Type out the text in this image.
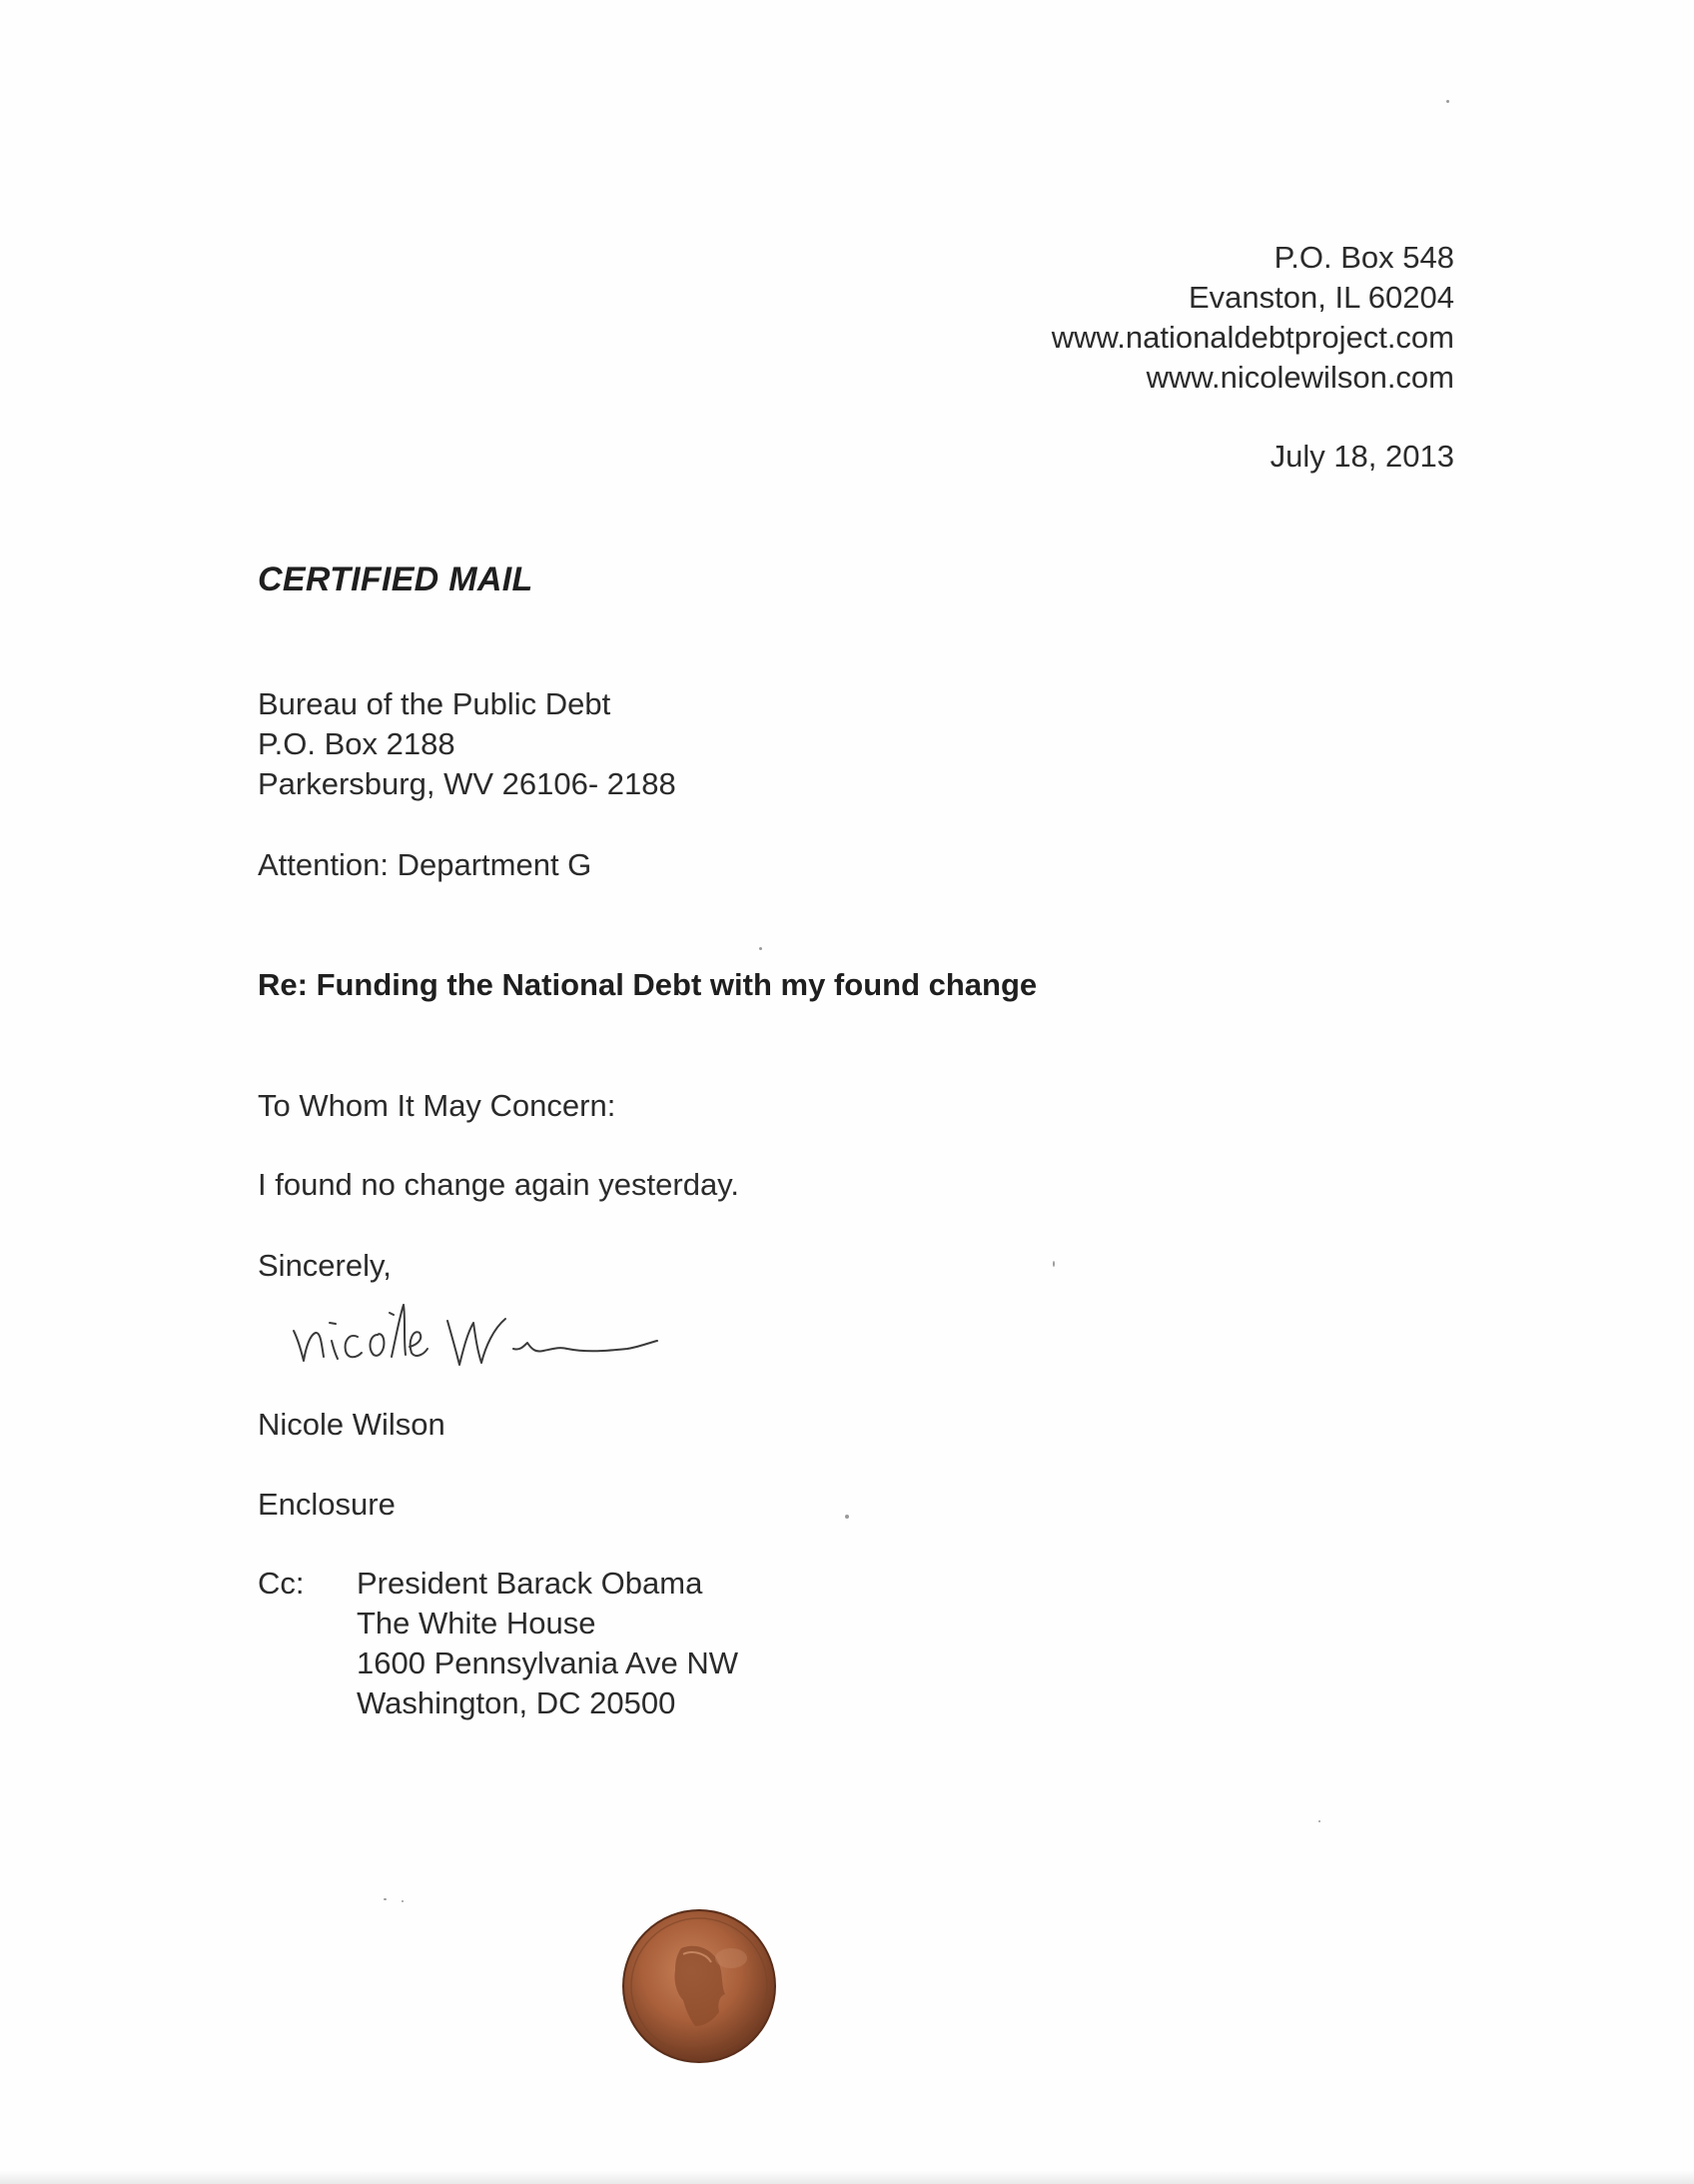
P.O. Box 548
Evanston, IL 60204
www.nationaldebtproject.com
www.nicolewilson.com
July 18, 2013
CERTIFIED MAIL
Bureau of the Public Debt
P.O. Box 2188
Parkersburg, WV 26106- 2188
Attention: Department G
Re: Funding the National Debt with my found change
To Whom It May Concern:
I found no change again yesterday.
Sincerely,
Nicole Wilson
Enclosure
Cc: President Barack Obama
The White House
1600 Pennsylvania Ave NW
Washington, DC 20500
